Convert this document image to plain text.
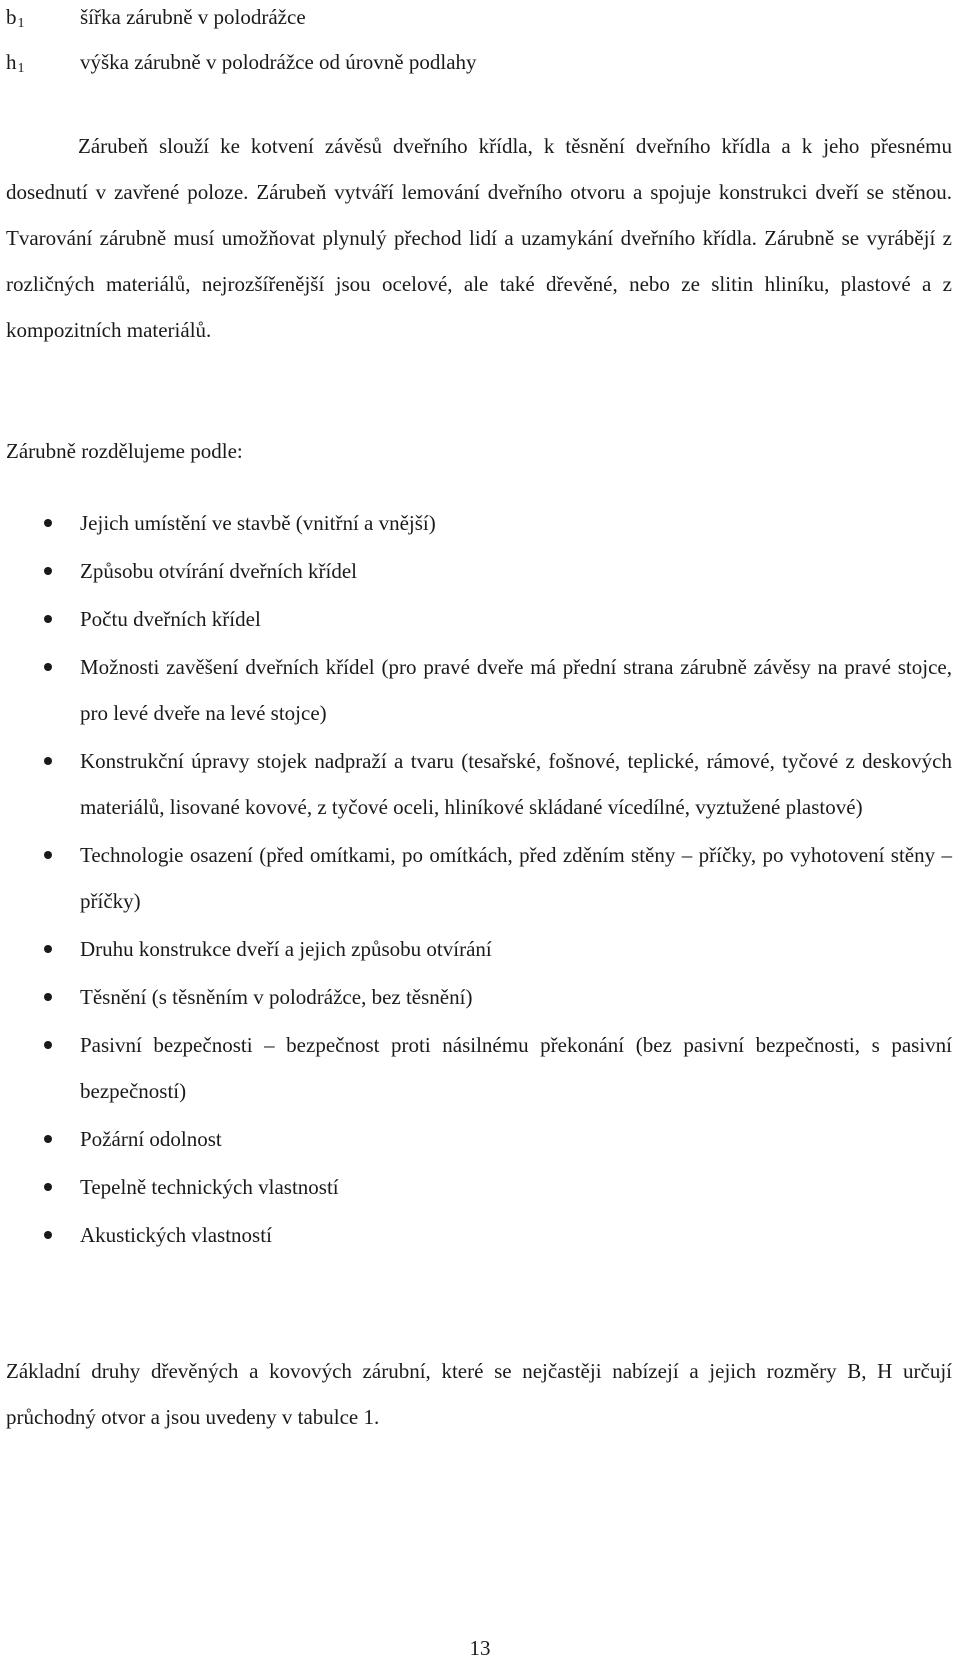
$b_1$	šířka zárubně v polodrážce
$h_1$	výška zárubně v polodrážce od úrovně podlahy

Zárubeň slouží ke kotvení závěsů dveřního křídla, k těsnění dveřního křídla a k jeho přesnému dosednutí v zavřené poloze. Zárubeň vytváří lemování dveřního otvoru a spojuje konstrukci dveří se stěnou. Tvarování zárubně musí umožňovat plynulý přechod lidí a uzamykání dveřního křídla. Zárubně se vyrábějí z rozličných materiálů, nejrozšířenější jsou ocelové, ale také dřevěné, nebo ze slitin hliníku, plastové a z kompozitních materiálů.

Zárubně rozdělujeme podle:
Jejich umístění ve stavbě (vnitřní a vnější)
Způsobu otvírání dveřních křídel
Počtu dveřních křídel
Možnosti zavěšení dveřních křídel (pro pravé dveře má přední strana zárubně závěsy na pravé stojce, pro levé dveře na levé stojce)
Konstrukční úpravy stojek nadpraží a tvaru (tesařské, fošnové, teplické, rámové, tyčové z deskových materiálů, lisované kovové, z tyčové oceli, hliníkové skládané vícedílné, vyztužené plastové)
Technologie osazení (před omítkami, po omítkách, před zděním stěny – příčky, po vyhotovení stěny – příčky)
Druhu konstrukce dveří a jejich způsobu otvírání
Těsnění (s těsněním v polodrážce, bez těsnění)
Pasivní bezpečnosti – bezpečnost proti násilnému překonání (bez pasivní bezpečnosti, s pasivní bezpečností)
Požární odolnost
Tepelně technických vlastností
Akustických vlastností

Základní druhy dřevěných a kovových zárubní, které se nejčastěji nabízejí a jejich rozměry B, H určují průchodný otvor a jsou uvedeny v tabulce 1.

13
